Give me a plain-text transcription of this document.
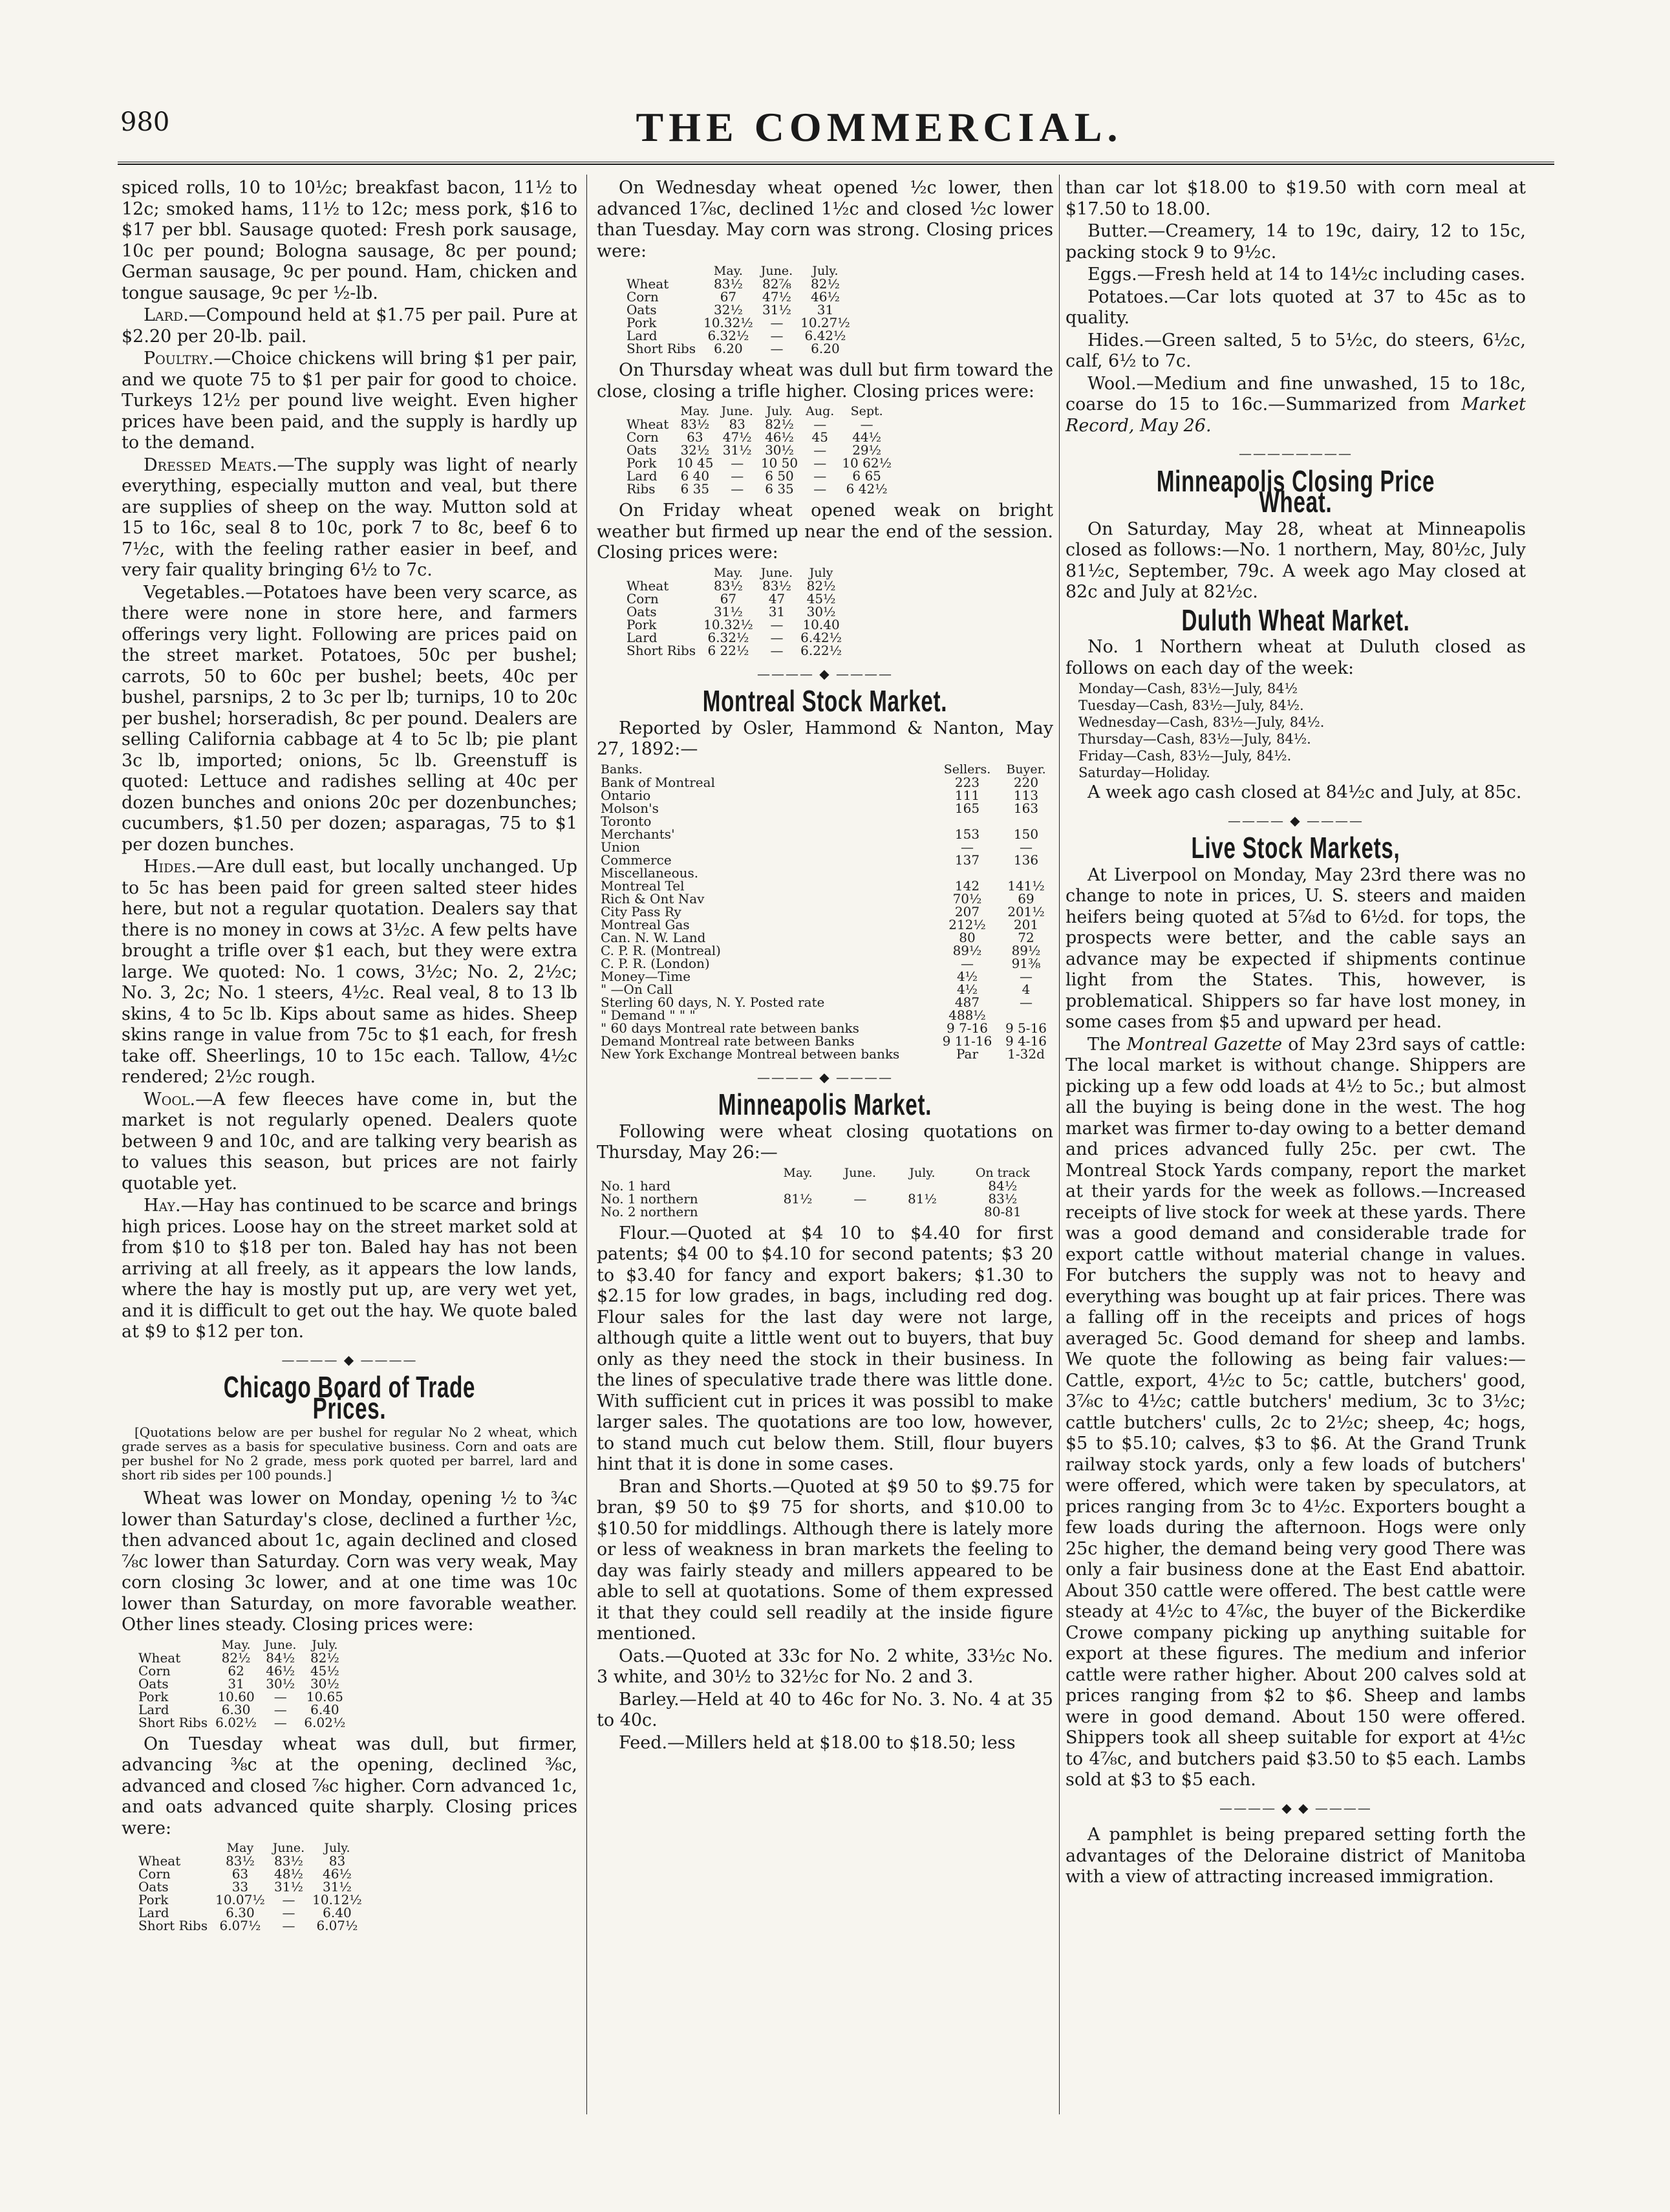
980	THE COMMERCIAL.

spiced rolls, 10 to 10½c; breakfast bacon, 11½ to 12c; smoked hams, 11½ to 12c; mess pork, $16 to $17 per bbl. Sausage quoted: Fresh pork sausage, 10c per pound; Bologna sausage, 8c per pound; German sausage, 9c per pound. Ham, chicken and tongue sausage, 9c per ½-lb.

Lard.—Compound held at $1.75 per pail. Pure at $2.20 per 20-lb. pail.

Poultry.—Choice chickens will bring $1 per pair, and we quote 75 to $1 per pair for good to choice. Turkeys 12½ per pound live weight. Even higher prices have been paid, and the supply is hardly up to the demand.

Dressed Meats.—The supply was light of nearly everything, especially mutton and veal, but there are supplies of sheep on the way. Mutton sold at 15 to 16c, seal 8 to 10c, pork 7 to 8c, beef 6 to 7½c, with the feeling rather easier in beef, and very fair quality bringing 6½ to 7c.

Vegetables.—Potatoes have been very scarce, as there were none in store here, and farmers offerings very light. Following are prices paid on the street market. Potatoes, 50c per bushel; carrots, 50 to 60c per bushel; beets, 40c per bushel, parsnips, 2 to 3c per lb; turnips, 10 to 20c per bushel; horseradish, 8c per pound. Dealers are selling California cabbage at 4 to 5c lb; pie plant 3c lb, imported; onions, 5c lb. Greenstuff is quoted: Lettuce and radishes selling at 40c per dozen bunches and onions 20c per dozenbunches; cucumbers, $1.50 per dozen; asparagas, 75 to $1 per dozen bunches.

Hides.—Are dull east, but locally unchanged. Up to 5c has been paid for green salted steer hides here, but not a regular quotation. Dealers say that there is no money in cows at 3½c. A few pelts have brought a trifle over $1 each, but they were extra large. We quoted: No. 1 cows, 3½c; No. 2, 2½c; No. 3, 2c; No. 1 steers, 4½c. Real veal, 8 to 13 lb skins, 4 to 5c lb. Kips about same as hides. Sheep skins range in value from 75c to $1 each, for fresh take off. Sheerlings, 10 to 15c each. Tallow, 4½c rendered; 2½c rough.

Wool.—A few fleeces have come in, but the market is not regularly opened. Dealers quote between 9 and 10c, and are talking very bearish as to values this season, but prices are not fairly quotable yet.

Hay.—Hay has continued to be scarce and brings high prices. Loose hay on the street market sold at from $10 to $18 per ton. Baled hay has not been arriving at all freely, as it appears the low lands, where the hay is mostly put up, are very wet yet, and it is difficult to get out the hay. We quote baled at $9 to $12 per ton.

———— ◆ ————
Chicago Board of Trade Prices.
[Quotations below are per bushel for regular No 2 wheat, which grade serves as a basis for speculative business. Corn and oats are per bushel for No 2 grade, mess pork quoted per barrel, lard and short rib sides per 100 pounds.]

Wheat was lower on Monday, opening ½ to ¾c lower than Saturday's close, declined a further ½c, then advanced about 1c, again declined and closed ⅞c lower than Saturday. Corn was very weak, May corn closing 3c lower, and at one time was 10c lower than Saturday, on more favorable weather. Other lines steady. Closing prices were:

	May.	June.	July.
Wheat	82½	84½	82½
Corn	62	46½	45½
Oats	31	30½	30½
Pork	10.60	—	10.65
Lard	6.30	—	6.40
Short Ribs	6.02½	—	6.02½

On Tuesday wheat was dull, but firmer, advancing ⅜c at the opening, declined ⅜c, advanced and closed ⅞c higher. Corn advanced 1c, and oats advanced quite sharply. Closing prices were:

	May	June.	July.
Wheat	83½	83½	83
Corn	63	48½	46½
Oats	33	31½	31½
Pork	10.07½	—	10.12½
Lard	6.30	—	6.40
Short Ribs	6.07½	—	6.07½

On Wednesday wheat opened ½c lower, then advanced 1⅞c, declined 1½c and closed ½c lower than Tuesday. May corn was strong. Closing prices were:

	May.	June.	July.
Wheat	83½	82⅞	82½
Corn	67	47½	46½
Oats	32½	31½	31
Pork	10.32½	—	10.27½
Lard	6.32½	—	6.42½
Short Ribs	6.20	—	6.20

On Thursday wheat was dull but firm toward the close, closing a trifle higher. Closing prices were:

	May.	June.	July.	Aug.	Sept.
Wheat	83½	83	82½	—	—
Corn	63	47½	46½	45	44½
Oats	32½	31½	30½	—	29½
Pork	10 45	—	10 50	—	10 62½
Lard	6 40	—	6 50	—	6 65
Ribs	6 35	—	6 35	—	6 42½

On Friday wheat opened weak on bright weather but firmed up near the end of the session. Closing prices were:

	May.	June.	July
Wheat	83½	83½	82½
Corn	67	47	45½
Oats	31½	31	30½
Pork	10.32½	—	10.40
Lard	6.32½	—	6.42½
Short Ribs	6 22½	—	6.22½
———— ◆ ————
Montreal Stock Market.

Reported by Osler, Hammond & Nanton, May 27, 1892:—

Banks.	Sellers.	Buyer.
Bank of Montreal	223	220
Ontario	111	113
Molson's	165	163
Toronto		
Merchants'	153	150
Union	—	—
Commerce	137	136
Miscellaneous.		
Montreal Tel	142	141½
Rich & Ont Nav	70½	69
City Pass Ry	207	201½
Montreal Gas	212½	201
Can. N. W. Land	80	72
C. P. R. (Montreal)	89½	89½
C. P. R. (London)	—	91⅜
Money—Time	4½	—
" —On Call	4½	4
Sterling 60 days, N. Y. Posted rate	487	—
" Demand " " "	488½	
" 60 days Montreal rate between banks	9 7-16	9 5-16
Demand Montreal rate between Banks	9 11-16	9 4-16
New York Exchange Montreal between banks	Par	1-32d
———— ◆ ————
Minneapolis Market.

Following were wheat closing quotations on Thursday, May 26:—

	May.	June.	July.	On track
No. 1 hard				84½
No. 1 northern	81½	—	81½	83½
No. 2 northern				80-81

Flour.—Quoted at $4 10 to $4.40 for first patents; $4 00 to $4.10 for second patents; $3 20 to $3.40 for fancy and export bakers; $1.30 to $2.15 for low grades, in bags, including red dog. Flour sales for the last day were not large, although quite a little went out to buyers, that buy only as they need the stock in their business. In the lines of speculative trade there was little done. With sufficient cut in prices it was possibl to make larger sales. The quotations are too low, however, to stand much cut below them. Still, flour buyers hint that it is done in some cases.

Bran and Shorts.—Quoted at $9 50 to $9.75 for bran, $9 50 to $9 75 for shorts, and $10.00 to $10.50 for middlings. Although there is lately more or less of weakness in bran markets the feeling to day was fairly steady and millers appeared to be able to sell at quotations. Some of them expressed it that they could sell readily at the inside figure mentioned.

Oats.—Quoted at 33c for No. 2 white, 33½c No. 3 white, and 30½ to 32½c for No. 2 and 3.

Barley.—Held at 40 to 46c for No. 3. No. 4 at 35 to 40c.

Feed.—Millers held at $18.00 to $18.50; less

than car lot $18.00 to $19.50 with corn meal at $17.50 to 18.00.

Butter.—Creamery, 14 to 19c, dairy, 12 to 15c, packing stock 9 to 9½c.

Eggs.—Fresh held at 14 to 14½c including cases.

Potatoes.—Car lots quoted at 37 to 45c as to quality.

Hides.—Green salted, 5 to 5½c, do steers, 6½c, calf, 6½ to 7c.

Wool.—Medium and fine unwashed, 15 to 18c, coarse do 15 to 16c.—Summarized from Market Record, May 26.

————————
Minneapolis Closing Price Wheat.

On Saturday, May 28, wheat at Minneapolis closed as follows:—No. 1 northern, May, 80½c, July 81½c, September, 79c. A week ago May closed at 82c and July at 82½c.

Duluth Wheat Market.

No. 1 Northern wheat at Duluth closed as follows on each day of the week:

Monday—Cash, 83½—July, 84½
Tuesday—Cash, 83½—July, 84½.
Wednesday—Cash, 83½—July, 84½.
Thursday—Cash, 83½—July, 84½.
Friday—Cash, 83½—July, 84½.
Saturday—Holiday.

A week ago cash closed at 84½c and July, at 85c.

———— ◆ ————
Live Stock Markets,

At Liverpool on Monday, May 23rd there was no change to note in prices, U. S. steers and maiden heifers being quoted at 5⅞d to 6½d. for tops, the prospects were better, and the cable says an advance may be expected if shipments continue light from the States. This, however, is problematical. Shippers so far have lost money, in some cases from $5 and upward per head.

The Montreal Gazette of May 23rd says of cattle: The local market is without change. Shippers are picking up a few odd loads at 4½ to 5c.; but almost all the buying is being done in the west. The hog market was firmer to-day owing to a better demand and prices advanced fully 25c. per cwt. The Montreal Stock Yards company, report the market at their yards for the week as follows.—Increased receipts of live stock for week at these yards. There was a good demand and considerable trade for export cattle without material change in values. For butchers the supply was not to heavy and everything was bought up at fair prices. There was a falling off in the receipts and prices of hogs averaged 5c. Good demand for sheep and lambs. We quote the following as being fair values:—Cattle, export, 4½c to 5c; cattle, butchers' good, 3⅞c to 4½c; cattle butchers' medium, 3c to 3½c; cattle butchers' culls, 2c to 2½c; sheep, 4c; hogs, $5 to $5.10; calves, $3 to $6. At the Grand Trunk railway stock yards, only a few loads of butchers' were offered, which were taken by speculators, at prices ranging from 3c to 4½c. Exporters bought a few loads during the afternoon. Hogs were only 25c higher, the demand being very good There was only a fair business done at the East End abattoir. About 350 cattle were offered. The best cattle were steady at 4½c to 4⅞c, the buyer of the Bickerdike Crowe company picking up anything suitable for export at these figures. The medium and inferior cattle were rather higher. About 200 calves sold at prices ranging from $2 to $6. Sheep and lambs were in good demand. About 150 were offered. Shippers took all sheep suitable for export at 4½c to 4⅞c, and butchers paid $3.50 to $5 each. Lambs sold at $3 to $5 each.

———— ◆ ◆ ————

A pamphlet is being prepared setting forth the advantages of the Deloraine district of Manitoba with a view of attracting increased immigration.
